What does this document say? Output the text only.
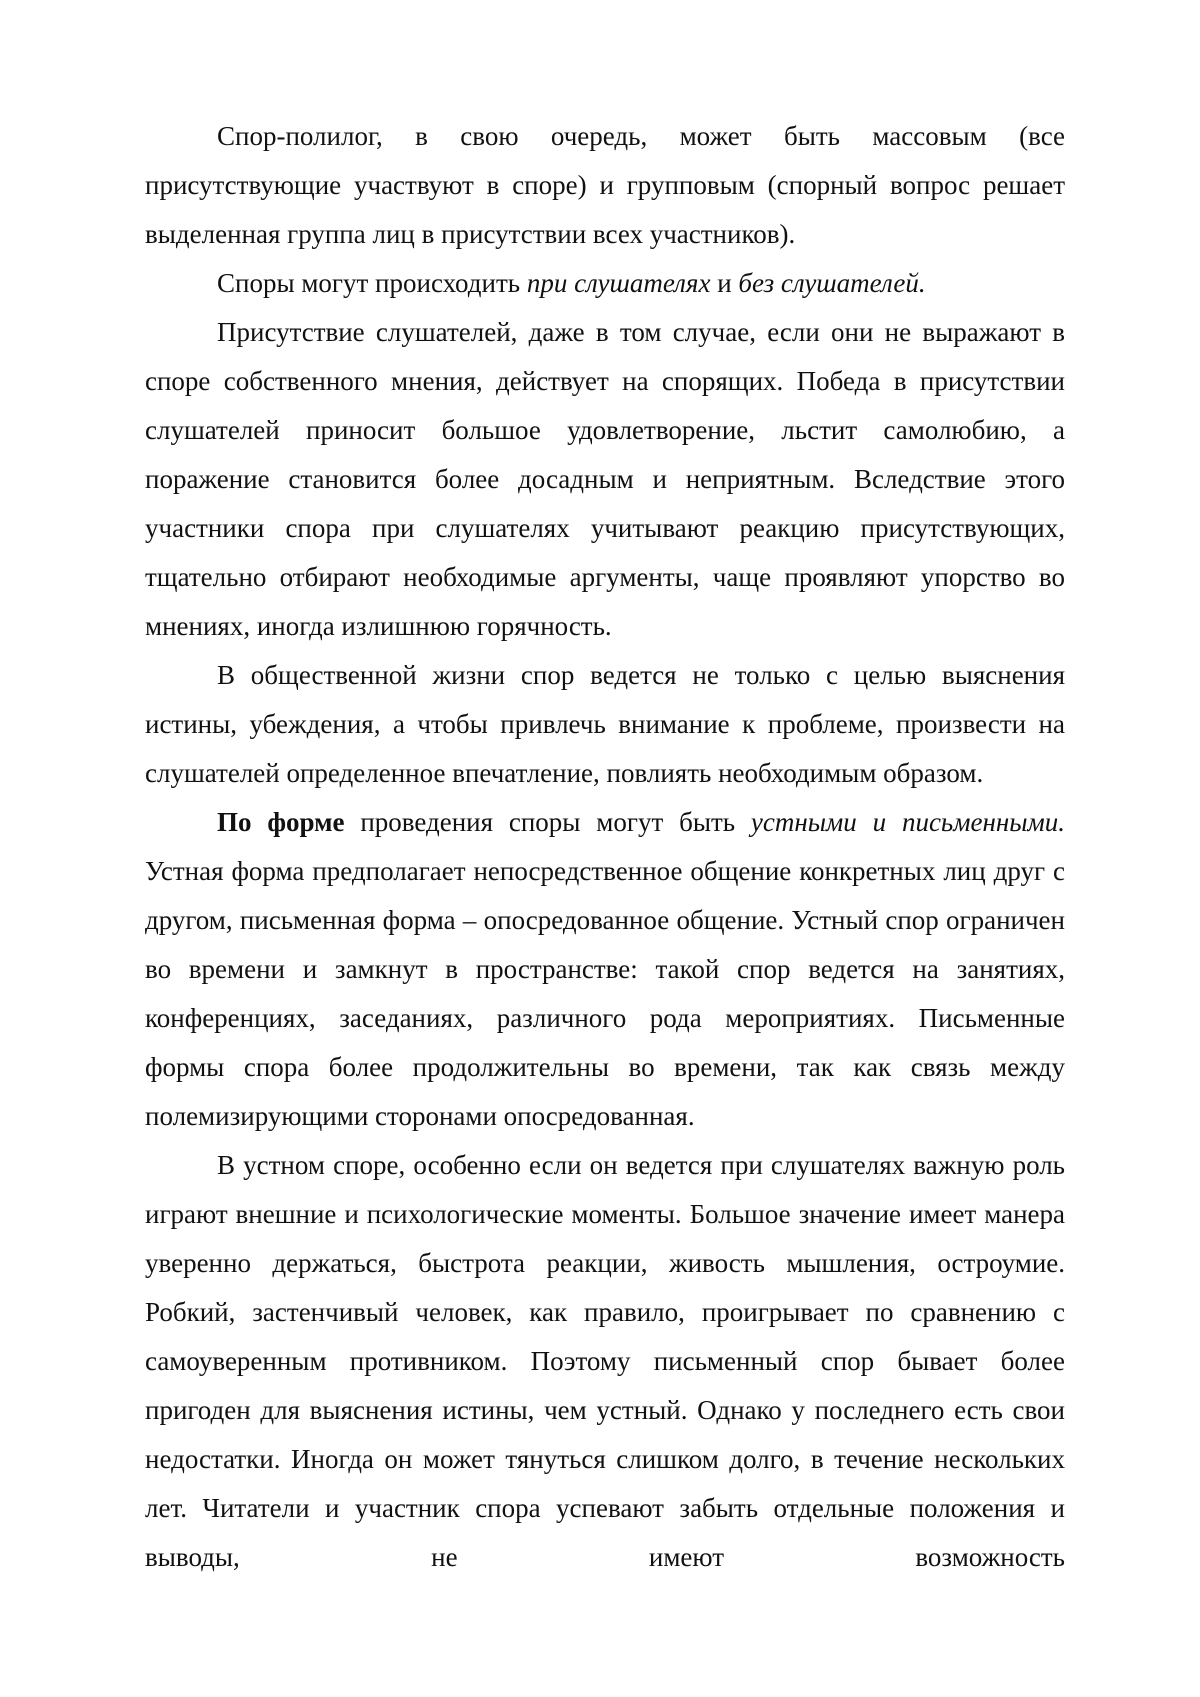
Спор-полилог, в свою очередь, может быть массовым (все присутствующие участвуют в споре) и групповым (спорный вопрос решает выделенная группа лиц в присутствии всех участников).

Споры могут происходить при слушателях и без слушателей.

Присутствие слушателей, даже в том случае, если они не выражают в споре собственного мнения, действует на спорящих. Победа в присутствии слушателей приносит большое удовлетворение, льстит самолюбию, а поражение становится более досадным и неприятным. Вследствие этого участники спора при слушателях учитывают реакцию присутствующих, тщательно отбирают необходимые аргументы, чаще проявляют упорство во мнениях, иногда излишнюю горячность.

В общественной жизни спор ведется не только с целью выяснения истины, убеждения, а чтобы привлечь внимание к проблеме, произвести на слушателей определенное впечатление, повлиять необходимым образом.

По форме проведения споры могут быть устными и письменными. Устная форма предполагает непосредственное общение конкретных лиц друг с другом, письменная форма – опосредованное общение. Устный спор ограничен во времени и замкнут в пространстве: такой спор ведется на занятиях, конференциях, заседаниях, различного рода мероприятиях. Письменные формы спора более продолжительны во времени, так как связь между полемизирующими сторонами опосредованная.

В устном споре, особенно если он ведется при слушателях важную роль играют внешние и психологические моменты. Большое значение имеет манера уверенно держаться, быстрота реакции, живость мышления, остроумие. Робкий, застенчивый человек, как правило, проигрывает по сравнению с самоуверенным противником. Поэтому письменный спор бывает более пригоден для выяснения истины, чем устный. Однако у последнего есть свои недостатки. Иногда он может тянуться слишком долго, в течение нескольких лет. Читатели и участник спора успевают забыть отдельные положения и выводы, не имеют возможность
